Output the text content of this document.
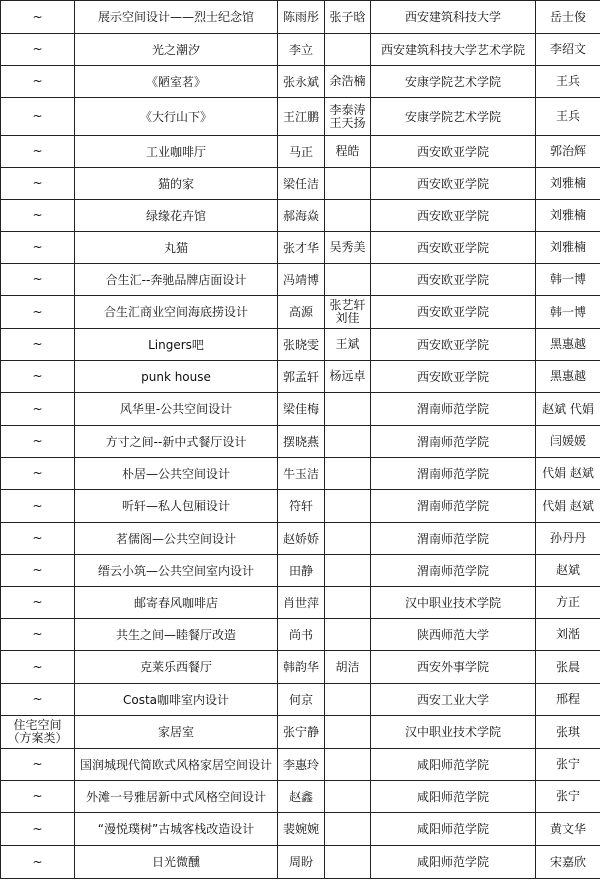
~	展示空间设计——烈士纪念馆	陈雨彤	张子晗	西安建筑科技大学	岳士俊
~	光之潮汐	李立		西安建筑科技大学艺术学院	李绍文
~	《陋室茗》	张永斌	余浩楠	安康学院艺术学院	王兵
~	《大行山下》	王江鹏	李泰涛 王天扬	安康学院艺术学院	王兵
~	工业咖啡厅	马正	程皓	西安欧亚学院	郭治辉
~	猫的家	梁任洁		西安欧亚学院	刘雅楠
~	绿缘花卉馆	郝海焱		西安欧亚学院	刘雅楠
~	丸猫	张才华	吴秀美	西安欧亚学院	刘雅楠
~	合生汇--奔驰品牌店面设计	冯靖博		西安欧亚学院	韩一博
~	合生汇商业空间海底捞设计	高源	张艺轩 刘佳	西安欧亚学院	韩一博
~	Lingers吧	张晓雯	王斌	西安欧亚学院	黑惠越
~	punk house	郭孟轩	杨远卓	西安欧亚学院	黑惠越
~	风华里-公共空间设计	梁佳梅		渭南师范学院	赵斌 代娟
~	方寸之间--新中式餐厅设计	摆晓燕		渭南师范学院	闫媛媛
~	朴居—公共空间设计	牛玉洁		渭南师范学院	代娟 赵斌
~	听轩—私人包厢设计	符轩		渭南师范学院	代娟 赵斌
~	茗儒阁—公共空间设计	赵娇娇		渭南师范学院	孙丹丹
~	缙云小筑—公共空间室内设计	田静		渭南师范学院	赵斌
~	邮寄春风咖啡店	肖世萍		汉中职业技术学院	方正
~	共生之间—睦餐厅改造	尚书		陕西师范大学	刘湉
~	克莱乐西餐厅	韩韵华	胡洁	西安外事学院	张晨
~	Costa咖啡室内设计	何京		西安工业大学	邢程
住宅空间 （方案类）	家居室	张宁静		汉中职业技术学院	张琪
~	国润城现代简欧式风格家居空间设计	李惠玲		咸阳师范学院	张宁
~	外滩一号雅居新中式风格空间设计	赵鑫		咸阳师范学院	张宁
~	“漫悦璞树”古城客栈改造设计	裴婉婉		咸阳师范学院	黄文华
~	日光微醺	周盼		咸阳师范学院	宋嘉欣
